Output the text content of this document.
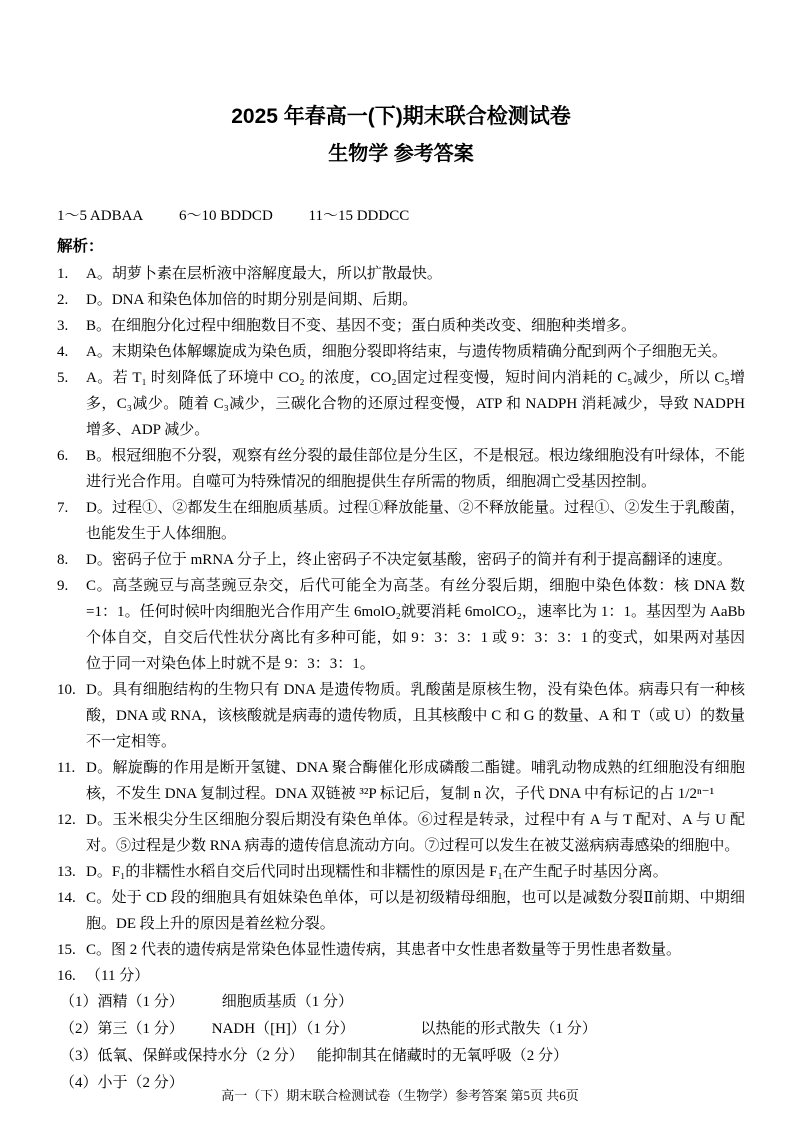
2025 年春高一(下)期末联合检测试卷
生物学 参考答案
1～5 ADBAA 6～10 BDDCD 11～15 DDDCC
解析：
1.	A。胡萝卜素在层析液中溶解度最大，所以扩散最快。
2.	D。DNA 和染色体加倍的时期分别是间期、后期。
3.	B。在细胞分化过程中细胞数目不变、基因不变；蛋白质种类改变、细胞种类增多。
4.	A。末期染色体解螺旋成为染色质，细胞分裂即将结束，与遗传物质精确分配到两个子细胞无关。
5.	A。若 T₁ 时刻降低了环境中 CO₂ 的浓度，CO₂固定过程变慢，短时间内消耗的 C₅减少，所以 C₅增多，C₃减少。随着 C₃减少，三碳化合物的还原过程变慢，ATP 和 NADPH 消耗减少，导致 NADPH 增多、ADP 减少。
6.	B。根冠细胞不分裂，观察有丝分裂的最佳部位是分生区，不是根冠。根边缘细胞没有叶绿体，不能进行光合作用。自噬可为特殊情况的细胞提供生存所需的物质，细胞凋亡受基因控制。
7.	D。过程①、②都发生在细胞质基质。过程①释放能量、②不释放能量。过程①、②发生于乳酸菌，也能发生于人体细胞。
8.	D。密码子位于 mRNA 分子上，终止密码子不决定氨基酸，密码子的简并有利于提高翻译的速度。
9.	C。高茎豌豆与高茎豌豆杂交，后代可能全为高茎。有丝分裂后期，细胞中染色体数：核 DNA 数=1：1。任何时候叶肉细胞光合作用产生 6molO₂就要消耗 6molCO₂，速率比为 1：1。基因型为 AaBb 个体自交，自交后代性状分离比有多种可能，如 9：3：3：1 或 9：3：3：1 的变式，如果两对基因位于同一对染色体上时就不是 9：3：3：1。
10. D。具有细胞结构的生物只有 DNA 是遗传物质。乳酸菌是原核生物，没有染色体。病毒只有一种核酸，DNA 或 RNA，该核酸就是病毒的遗传物质，且其核酸中 C 和 G 的数量、A 和 T（或 U）的数量不一定相等。
11. D。解旋酶的作用是断开氢键、DNA 聚合酶催化形成磷酸二酯键。哺乳动物成熟的红细胞没有细胞核，不发生 DNA 复制过程。DNA 双链被 ³²P 标记后，复制 n 次，子代 DNA 中有标记的占 1/2ⁿ⁻¹
12. D。玉米根尖分生区细胞分裂后期没有染色单体。⑥过程是转录，过程中有 A 与 T 配对、A 与 U 配对。⑤过程是少数 RNA 病毒的遗传信息流动方向。⑦过程可以发生在被艾滋病病毒感染的细胞中。
13. D。F₁的非糯性水稻自交后代同时出现糯性和非糯性的原因是 F₁在产生配子时基因分离。
14. C。处于 CD 段的细胞具有姐妹染色单体，可以是初级精母细胞，也可以是减数分裂Ⅱ前期、中期细胞。DE 段上升的原因是着丝粒分裂。
15. C。图 2 代表的遗传病是常染色体显性遗传病，其患者中女性患者数量等于男性患者数量。
16. （11 分）
（1）酒精（1 分）	细胞质基质（1 分）
（2）第三（1 分） NADH（[H]）（1 分）	以热能的形式散失（1 分）
（3）低氧、保鲜或保持水分（2 分） 能抑制其在储藏时的无氧呼吸（2 分）
（4）小于（2 分）
高一（下）期末联合检测试卷（生物学）参考答案 第5页 共6页
